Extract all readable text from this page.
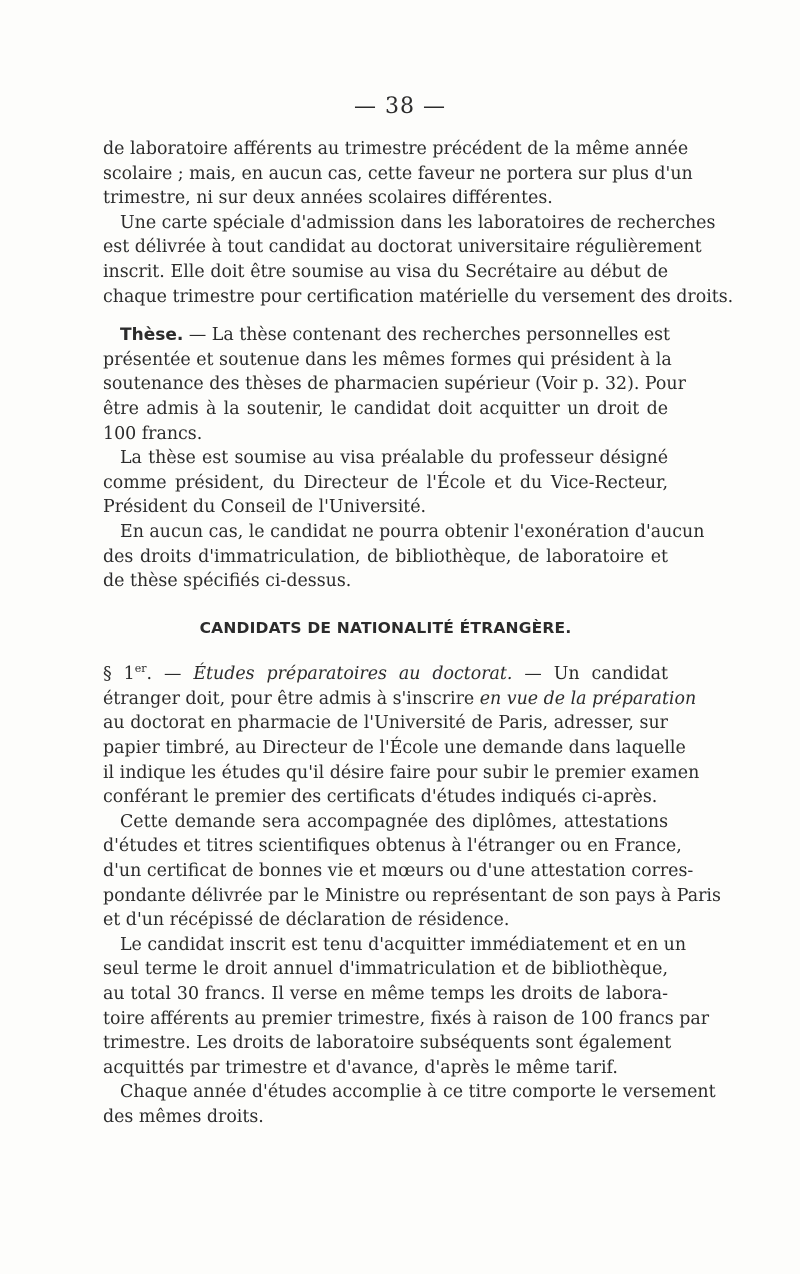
— 38 —
de laboratoire afférents au trimestre précédent de la même année
scolaire ; mais, en aucun cas, cette faveur ne portera sur plus d'un
trimestre, ni sur deux années scolaires différentes.
Une carte spéciale d'admission dans les laboratoires de recherches
est délivrée à tout candidat au doctorat universitaire régulièrement
inscrit. Elle doit être soumise au visa du Secrétaire au début de
chaque trimestre pour certification matérielle du versement des droits.
Thèse. — La thèse contenant des recherches personnelles est
présentée et soutenue dans les mêmes formes qui président à la
soutenance des thèses de pharmacien supérieur (Voir p. 32). Pour
être admis à la soutenir, le candidat doit acquitter un droit de
100 francs.
La thèse est soumise au visa préalable du professeur désigné
comme président, du Directeur de l'École et du Vice-Recteur,
Président du Conseil de l'Université.
En aucun cas, le candidat ne pourra obtenir l'exonération d'aucun
des droits d'immatriculation, de bibliothèque, de laboratoire et
de thèse spécifiés ci-dessus.
CANDIDATS DE NATIONALITÉ ÉTRANGÈRE.
§ 1er. — Études préparatoires au doctorat. — Un candidat
étranger doit, pour être admis à s'inscrire en vue de la préparation
au doctorat en pharmacie de l'Université de Paris, adresser, sur
papier timbré, au Directeur de l'École une demande dans laquelle
il indique les études qu'il désire faire pour subir le premier examen
conférant le premier des certificats d'études indiqués ci-après.
Cette demande sera accompagnée des diplômes, attestations
d'études et titres scientifiques obtenus à l'étranger ou en France,
d'un certificat de bonnes vie et mœurs ou d'une attestation corres-
pondante délivrée par le Ministre ou représentant de son pays à Paris
et d'un récépissé de déclaration de résidence.
Le candidat inscrit est tenu d'acquitter immédiatement et en un
seul terme le droit annuel d'immatriculation et de bibliothèque,
au total 30 francs. Il verse en même temps les droits de labora-
toire afférents au premier trimestre, fixés à raison de 100 francs par
trimestre. Les droits de laboratoire subséquents sont également
acquittés par trimestre et d'avance, d'après le même tarif.
Chaque année d'études accomplie à ce titre comporte le versement
des mêmes droits.
